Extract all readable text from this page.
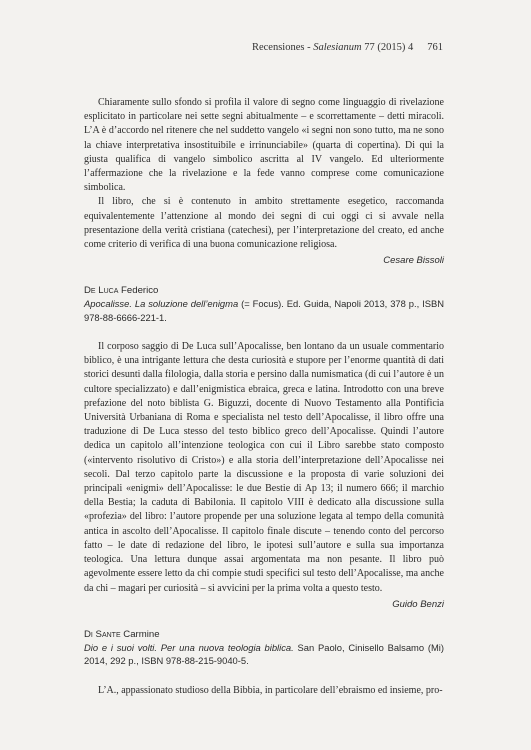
Recensiones - Salesianum 77 (2015) 4 761

Chiaramente sullo sfondo si profila il valore di segno come linguaggio di rivelazione esplicitato in particolare nei sette segni abitualmente – e scorrettamente – detti miracoli. L’A è d’accordo nel ritenere che nel suddetto vangelo «i segni non sono tutto, ma ne sono la chiave interpretativa insostituibile e irrinunciabile» (quarta di copertina). Di qui la giusta qualifica di vangelo simbolico ascritta al IV vangelo. Ed ulteriormente l’affermazione che la rivelazione e la fede vanno comprese come comunicazione simbolica.

Il libro, che si è contenuto in ambito strettamente esegetico, raccomanda equivalentemente l’attenzione al mondo dei segni di cui oggi ci si avvale nella presentazione della verità cristiana (catechesi), per l’interpretazione del creato, ed anche come criterio di verifica di una buona comunicazione religiosa.

Cesare Bissoli
De Luca Federico
Apocalisse. La soluzione dell’enigma (= Focus). Ed. Guida, Napoli 2013, 378 p., ISBN 978-88-6666-221-1.

Il corposo saggio di De Luca sull’Apocalisse, ben lontano da un usuale commentario biblico, è una intrigante lettura che desta curiosità e stupore per l’enorme quantità di dati storici desunti dalla filologia, dalla storia e persino dalla numismatica (di cui l’autore è un cultore specializzato) e dall’enigmistica ebraica, greca e latina. Introdotto con una breve prefazione del noto biblista G. Biguzzi, docente di Nuovo Testamento alla Pontificia Università Urbaniana di Roma e specialista nel testo dell’Apocalisse, il libro offre una traduzione di De Luca stesso del testo biblico greco dell’Apocalisse. Quindi l’autore dedica un capitolo all’intenzione teologica con cui il Libro sarebbe stato composto («intervento risolutivo di Cristo») e alla storia dell’interpretazione dell’Apocalisse nei secoli. Dal terzo capitolo parte la discussione e la proposta di varie soluzioni dei principali «enigmi» dell’Apocalisse: le due Bestie di Ap 13; il numero 666; il marchio della Bestia; la caduta di Babilonia. Il capitolo VIII è dedicato alla discussione sulla «profezia» del libro: l’autore propende per una soluzione legata al tempo della comunità antica in ascolto dell’Apocalisse. Il capitolo finale discute – tenendo conto del percorso fatto – le date di redazione del libro, le ipotesi sull’autore e sulla sua importanza teologica. Una lettura dunque assai argomentata ma non pesante. Il libro può agevolmente essere letto da chi compie studi specifici sul testo dell’Apocalisse, ma anche da chi – magari per curiosità – si avvicini per la prima volta a questo testo.

Guido Benzi
Di Sante Carmine
Dio e i suoi volti. Per una nuova teologia biblica. San Paolo, Cinisello Balsamo (Mi) 2014, 292 p., ISBN 978-88-215-9040-5.

L’A., appassionato studioso della Bibbia, in particolare dell’ebraismo ed insieme, pro-
